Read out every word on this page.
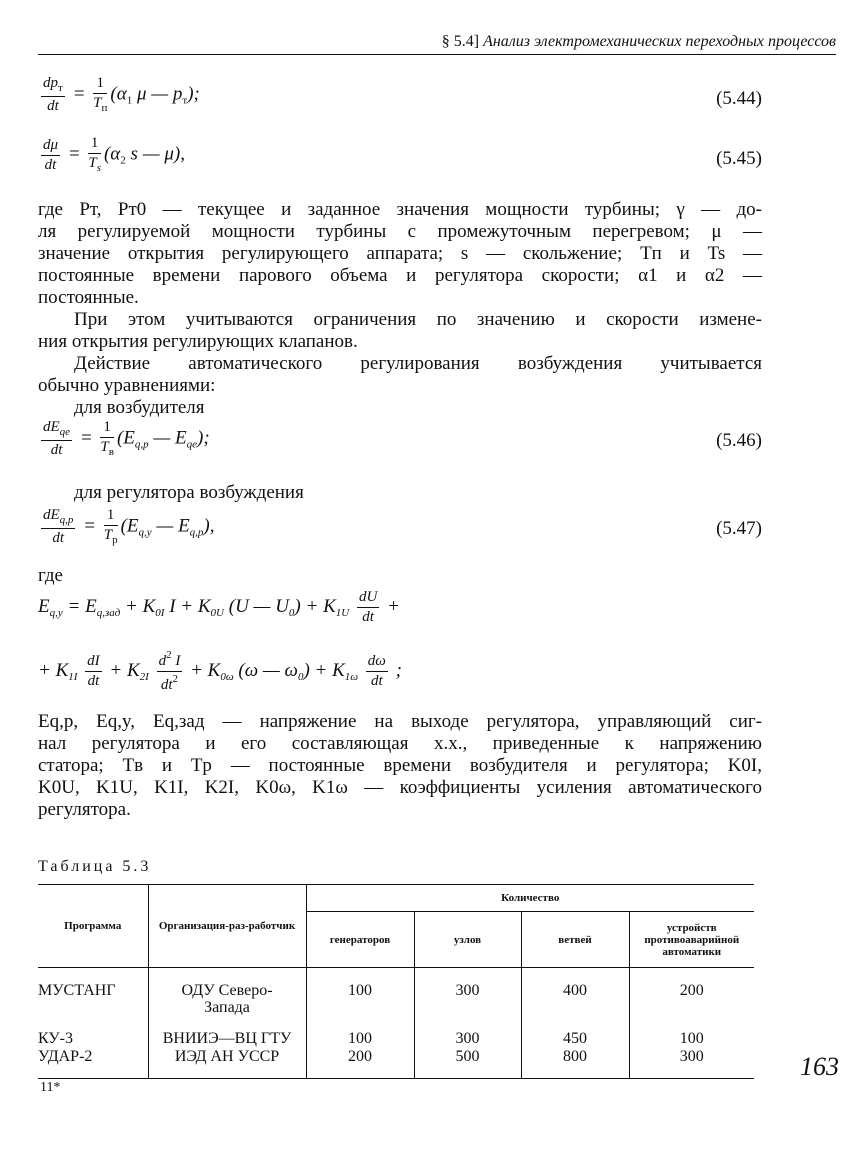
§ 5.4] Анализ электромеханических переходных процессов
$\frac{dp_т}{dt} = \frac{1}{T_п} (\alpha_1$ μ — $p_т$);	(5.44)
$\frac{d\mu}{dt} = \frac{1}{T_s} (\alpha_2$ s — μ),	(5.45)
где Pт, Pт0 — текущее и заданное значения мощности турбины; γ — до-
ля регулируемой мощности турбины с промежуточным перегревом; μ —
значение открытия регулирующего аппарата; s — скольжение; Tп и Ts —
постоянные времени парового объема и регулятора скорости; α1 и α2 —
постоянные.
При этом учитываются ограничения по значению и скорости измене-
ния открытия регулирующих клапанов.
Действие автоматического регулирования возбуждения учитывается
обычно уравнениями:
для возбудителя
$\frac{dE_{qe}}{dt} = \frac{1}{T_в} (E_{q,p}$ — $E_{qe}$);	(5.46)
для регулятора возбуждения
$\frac{dE_{q,p}}{dt} = \frac{1}{T_p} (E_{q,y}$ — $E_{q,p}$),	(5.47)
где
$E_{q,y} = E_{q,зад} + K_{0I}$ $I + K_{0U}$ (U — $U_0) + K_{1U} \frac{dU}{dt}$ +
+ $K_{1I} \frac{dI}{dt} + K_{2I} \frac{d^2 I}{dt^2} + K_{0\omega}$ (ω — $\omega_0) + K_{1\omega} \frac{d\omega}{dt}$ ;
Eq,p, Eq,y, Eq,зад — напряжение на выходе регулятора, управляющий сиг-
нал регулятора и его составляющая х.х., приведенные к напряжению
статора; Tв и Tp — постоянные времени возбудителя и регулятора; K0I,
K0U, K1U, K1I, K2I, K0ω, K1ω — коэффициенты усиления автоматического
регулятора.
Таблица 5.3
Программа	Организация-раз-работчик	Количество			
		генераторов	узлов	ветвей	устройств противоаварийной автоматики
МУСТАНГ	ОДУ Северо-Запада	100	300	400	200
КУ-3	ВНИИЭ—ВЦ ГТУ	100	300	450	100
УДАР-2	ИЭД АН УССР	200	500	800	300	163
11*
